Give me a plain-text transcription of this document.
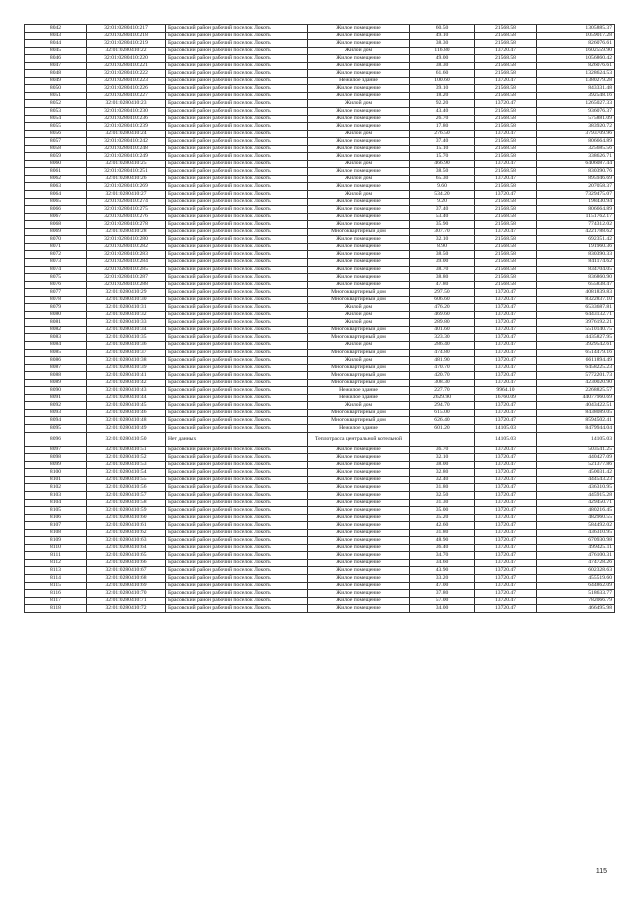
8042	32:01:0280410:217	Брасовский район рабочий поселок Локоть	Жилое помещение	60.50	21568.58	1305885.37
8043	32:01:0280410:218	Брасовский район рабочий поселок Локоть	Жилое помещение	49.10	21568.58	1059017.28
8044	32:01:0280410:219	Брасовский район рабочий поселок Локоть	Жилое помещение	38.30	21568.58	826076.61
8045	32:01:0280410:22	Брасовский район рабочий поселок Локоть	Жилой дом	116.80	13720.47	1602559.90
8046	32:01:0280410:220	Брасовский район рабочий поселок Локоть	Жилое помещение	49.00	21568.58	1056860.42
8047	32:01:0280410:221	Брасовский район рабочий поселок Локоть	Жилое помещение	38.30	21568.58	826076.61
8048	32:01:0280410:222	Брасовский район рабочий поселок Локоть	Жилое помещение	61.60	21568.58	1328624.53
8049	32:01:0280410:223	Брасовский район рабочий поселок Локоть	Нежилое здание	100.60	13720.47	1380279.28
8050	32:01:0280410:226	Брасовский район рабочий поселок Локоть	Жилое помещение	39.10	21568.58	843331.48
8051	32:01:0280410:227	Брасовский район рабочий поселок Локоть	Жилое помещение	18.20	21568.58	392548.16
8052	32:01:0280410:23	Брасовский район рабочий поселок Локоть	Жилой дом	92.20	13720.47	1265027.33
8053	32:01:0280410:230	Брасовский район рабочий поселок Локоть	Жилое помещение	43.40	21568.58	936076.37
8054	32:01:0280410:236	Брасовский район рабочий поселок Локоть	Жилое помещение	26.70	21568.58	575881.09
8055	32:01:0280410:239	Брасовский район рабочий поселок Локоть	Жилое помещение	17.80	21568.58	383920.72
8056	32:01:0280410:24	Брасовский район рабочий поселок Локоть	Жилой дом	276.50	13720.47	3793709.96
8057	32:01:0280410:242	Брасовский район рабочий поселок Локоть	Жилое помещение	37.40	21568.58	806664.89
8058	32:01:0280410:248	Брасовский район рабочий поселок Локоть	Жилое помещение	15.10	21568.58	325685.56
8059	32:01:0280410:249	Брасовский район рабочий поселок Локоть	Жилое помещение	15.70	21568.58	338626.71
8060	32:01:0280410:25	Брасовский район рабочий поселок Локоть	Жилой дом	466.90	13720.47	6406087.44
8061	32:01:0280410:251	Брасовский район рабочий поселок Локоть	Жилое помещение	38.50	21568.58	830390.76
8062	32:01:0280410:26	Брасовский район рабочий поселок Локоть	Жилой дом	65.30	13720.47	895946.69
8063	32:01:0280410:269	Брасовский район рабочий поселок Локоть	Жилое помещение	9.60	21568.58	207058.37
8064	32:01:0280410:27	Брасовский район рабочий поселок Локоть	Жилой дом	534.20	13720.47	7329475.07
8065	32:01:0280410:274	Брасовский район рабочий поселок Локоть	Жилое помещение	9.20	21568.58	198430.94
8066	32:01:0280410:275	Брасовский район рабочий поселок Локоть	Жилое помещение	37.40	21568.58	806664.89
8067	32:01:0280410:276	Брасовский район рабочий поселок Локоть	Жилое помещение	53.40	21568.58	1151762.17
8068	32:01:0280410:278	Брасовский район рабочий поселок Локоть	Жилое помещение	35.90	21568.58	774312.02
8069	32:01:0280410:28	Брасовский район рабочий поселок Локоть	Многоквартирный дом	307.70	13720.47	4221788.62
8070	32:01:0280410:280	Брасовский район рабочий поселок Локоть	Жилое помещение	32.10	21568.58	692351.42
8071	32:01:0280410:282	Брасовский район рабочий поселок Локоть	Жилое помещение	8.90	21568.58	191960.36
8072	32:01:0280410:283	Брасовский район рабочий поселок Локоть	Жилое помещение	38.50	21568.58	830390.33
8073	32:01:0280410:284	Брасовский район рабочий поселок Локоть	Жилое помещение	39.00	21568.58	841174.62
8074	32:01:0280410:285	Брасовский район рабочий поселок Локоть	Жилое помещение	38.70	21568.58	834704.05
8075	32:01:0280410:287	Брасовский район рабочий поселок Локоть	Жилое помещение	38.80	21568.58	836860.90
8076	32:01:0280410:288	Брасовский район рабочий поселок Локоть	Жилое помещение	47.80	21568.58	655838.47
8077	32:01:0280410:29	Брасовский район рабочий поселок Локоть	Многоквартирный дом	297.50	13720.47	4081839.83
8078	32:01:0280410:30	Брасовский район рабочий поселок Локоть	Многоквартирный дом	606.60	13720.47	8322837.10
8079	32:01:0280410:31	Брасовский район рабочий поселок Локоть	Жилой дом	476.20	13720.47	6533687.81
8080	32:01:0280410:32	Брасовский район рабочий поселок Локоть	Жилой дом	469.60	13720.47	6443132.71
8081	32:01:0280410:33	Брасовский район рабочий поселок Локоть	Жилой дом	289.80	13720.47	3976192.21
8082	32:01:0280410:34	Брасовский район рабочий поселок Локоть	Многоквартирный дом	401.60	13720.47	5510140.75
8083	32:01:0280410:35	Брасовский район рабочий поселок Локоть	Многоквартирный дом	323.30	13720.47	4435827.95
8084	32:01:0280410:36	Брасовский район рабочий поселок Локоть	Жилой дом	286.40	13720.47	3929542.61
8085	32:01:0280410:37	Брасовский район рабочий поселок Локоть	Многоквартирный дом	474.80	13720.47	6514479.16
8086	32:01:0280410:38	Брасовский район рабочий поселок Локоть	Жилой дом	481.90	13720.47	6611894.49
8087	32:01:0280410:39	Брасовский район рабочий поселок Локоть	Многоквартирный дом	470.70	13720.47	6458225.23
8088	32:01:0280410:41	Брасовский район рабочий поселок Локоть	Многоквартирный дом	420.70	13720.47	5772201.73
8089	32:01:0280410:42	Брасовский район рабочий поселок Локоть	Многоквартирный дом	308.30	13720.47	4230020.90
8090	32:01:0280410:43	Брасовский район рабочий поселок Локоть	Нежилое здание	227.70	9964.10	2268825.57
8091	32:01:0280410:44	Брасовский район рабочий поселок Локоть	Нежилое здание	2629.90	16760.09	44077960.69
8092	32:01:0280410:45	Брасовский район рабочий поселок Локоть	Жилой дом	294.70	13720.47	4043422.51
8093	32:01:0280410:46	Брасовский район рабочий поселок Локоть	Многоквартирный дом	615.00	13720.47	8438089.05
8094	32:01:0280410:48	Брасовский район рабочий поселок Локоть	Многоквартирный дом	626.40	13720.47	8594502.41
8095	32:01:0280410:49	Брасовский район рабочий поселок Локоть	Нежилое здание	601.20	14105.03	8479944.04
8096	32:01:0280410:50	Нет данных	Теплотрасса центральной котельной		14105.03	14105.03
8097	32:01:0280410:51	Брасовский район рабочий поселок Локоть	Жилое помещение	36.70	13720.47	503541.25
8098	32:01:0280410:52	Брасовский район рабочий поселок Локоть	Жилое помещение	32.10	13720.47	440427.09
8099	32:01:0280410:53	Брасовский район рабочий поселок Локоть	Жилое помещение	38.00	13720.47	521377.86
8100	32:01:0280410:54	Брасовский район рабочий поселок Локоть	Жилое помещение	32.80	13720.47	450031.42
8101	32:01:0280410:55	Брасовский район рабочий поселок Локоть	Жилое помещение	32.40	13720.47	444543.23
8102	32:01:0280410:56	Брасовский район рабочий поселок Локоть	Жилое помещение	31.80	13720.47	436310.95
8103	32:01:0280410:57	Брасовский район рабочий поселок Локоть	Жилое помещение	32.50	13720.47	445915.28
8104	32:01:0280410:58	Брасовский район рабочий поселок Локоть	Жилое помещение	31.30	13720.47	429450.71
8105	32:01:0280410:59	Брасовский район рабочий поселок Локоть	Жилое помещение	35.00	13720.47	480216.45
8106	32:01:0280410:60	Брасовский район рабочий поселок Локоть	Жилое помещение	35.20	13720.47	482960.55
8107	32:01:0280410:61	Брасовский район рабочий поселок Локоть	Жилое помещение	42.60	13720.47	584492.02
8108	32:01:0280410:62	Брасовский район рабочий поселок Локоть	Жилое помещение	31.80	13720.47	436310.95
8109	32:01:0280410:63	Брасовский район рабочий поселок Локоть	Жилое помещение	48.90	13720.47	670930.98
8110	32:01:0280410:64	Брасовский район рабочий поселок Локоть	Жилое помещение	36.40	13720.47	499425.11
8111	32:01:0280410:65	Брасовский район рабочий поселок Локоть	Жилое помещение	34.70	13720.47	476100.31
8112	32:01:0280410:66	Брасовский район рабочий поселок Локоть	Жилое помещение	34.60	13720.47	474728.26
8113	32:01:0280410:67	Брасовский район рабочий поселок Локоть	Жилое помещение	43.90	13720.47	602328.63
8114	32:01:0280410:68	Брасовский район рабочий поселок Локоть	Жилое помещение	33.20	13720.47	455519.60
8115	32:01:0280410:69	Брасовский район рабочий поселок Локоть	Жилое помещение	47.00	13720.47	644862.09
8116	32:01:0280410:70	Брасовский район рабочий поселок Локоть	Жилое помещение	37.80	13720.47	518633.77
8117	32:01:0280410:71	Брасовский район рабочий поселок Локоть	Жилое помещение	57.00	13720.47	782066.79
8118	32:01:0280410:72	Брасовский район рабочий поселок Локоть	Жилое помещение	34.00	13720.47	466495.98
115
